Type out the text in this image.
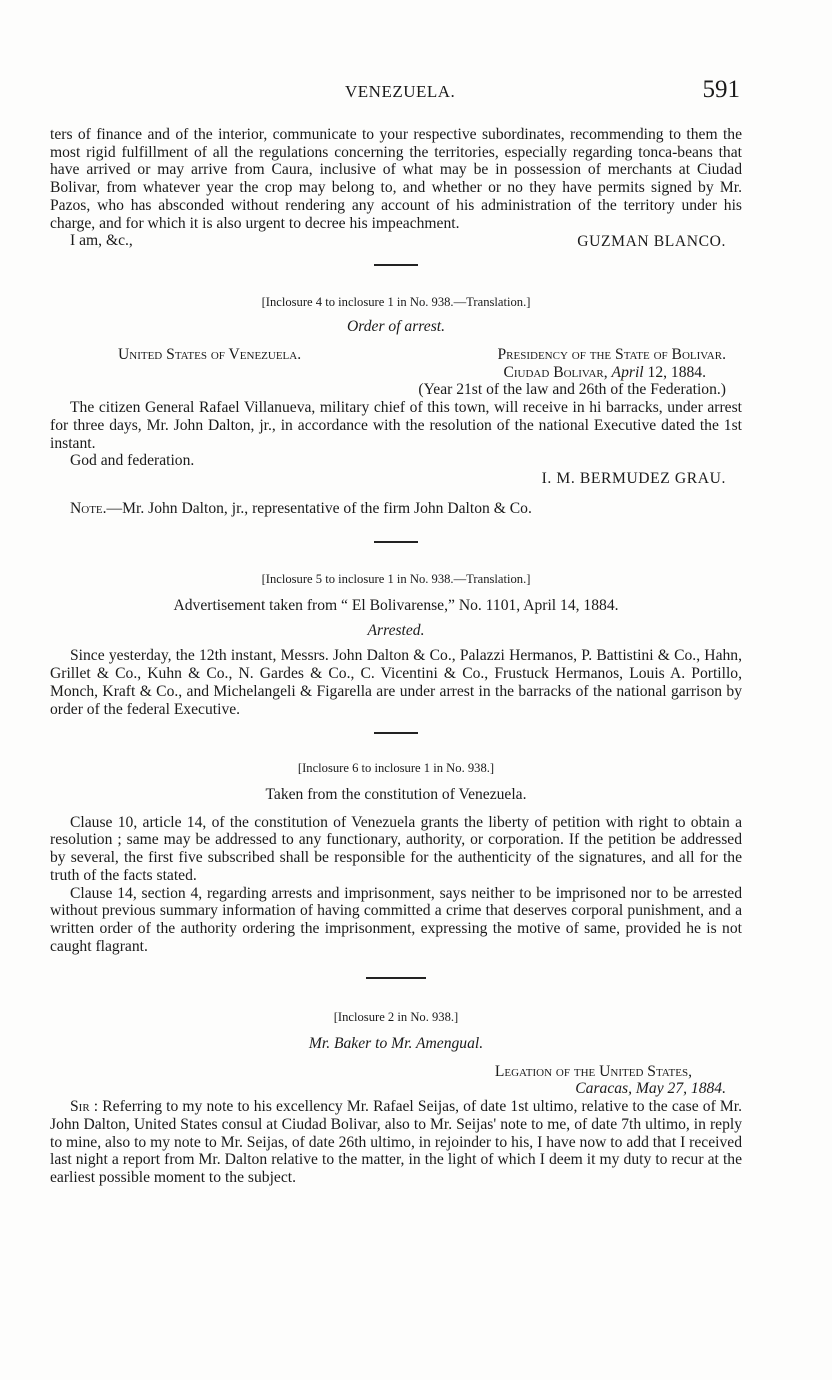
VENEZUELA.	591

ters of finance and of the interior, communicate to your respective subordinates, recommending to them the most rigid fulfillment of all the regulations concerning the territories, especially regarding tonca-beans that have arrived or may arrive from Caura, inclusive of what may be in possession of merchants at Ciudad Bolivar, from whatever year the crop may belong to, and whether or no they have permits signed by Mr. Pazos, who has absconded without rendering any account of his administration of the territory under his charge, and for which it is also urgent to decree his impeachment.

I am, &c.,	GUZMAN BLANCO.

[Inclosure 4 to inclosure 1 in No. 938.—Translation.]

Order of arrest.

United States of Venezuela.	Presidency of the State of Bolivar.

Ciudad Bolivar, April 12, 1884.

(Year 21st of the law and 26th of the Federation.)

The citizen General Rafael Villanueva, military chief of this town, will receive in hi barracks, under arrest for three days, Mr. John Dalton, jr., in accordance with the resolution of the national Executive dated the 1st instant.

God and federation.

I. M. BERMUDEZ GRAU.

Note.—Mr. John Dalton, jr., representative of the firm John Dalton & Co.

[Inclosure 5 to inclosure 1 in No. 938.—Translation.]

Advertisement taken from “ El Bolivarense,” No. 1101, April 14, 1884.

Arrested.

Since yesterday, the 12th instant, Messrs. John Dalton & Co., Palazzi Hermanos, P. Battistini & Co., Hahn, Grillet & Co., Kuhn & Co., N. Gardes & Co., C. Vicentini & Co., Frustuck Hermanos, Louis A. Portillo, Monch, Kraft & Co., and Michelangeli & Figarella are under arrest in the barracks of the national garrison by order of the federal Executive.

[Inclosure 6 to inclosure 1 in No. 938.]

Taken from the constitution of Venezuela.

Clause 10, article 14, of the constitution of Venezuela grants the liberty of petition with right to obtain a resolution ; same may be addressed to any functionary, authority, or corporation. If the petition be addressed by several, the first five subscribed shall be responsible for the authenticity of the signatures, and all for the truth of the facts stated.

Clause 14, section 4, regarding arrests and imprisonment, says neither to be imprisoned nor to be arrested without previous summary information of having committed a crime that deserves corporal punishment, and a written order of the authority ordering the imprisonment, expressing the motive of same, provided he is not caught flagrant.

[Inclosure 2 in No. 938.]

Mr. Baker to Mr. Amengual.

Legation of the United States,

Caracas, May 27, 1884.

Sir : Referring to my note to his excellency Mr. Rafael Seijas, of date 1st ultimo, relative to the case of Mr. John Dalton, United States consul at Ciudad Bolivar, also to Mr. Seijas' note to me, of date 7th ultimo, in reply to mine, also to my note to Mr. Seijas, of date 26th ultimo, in rejoinder to his, I have now to add that I received last night a report from Mr. Dalton relative to the matter, in the light of which I deem it my duty to recur at the earliest possible moment to the subject.
